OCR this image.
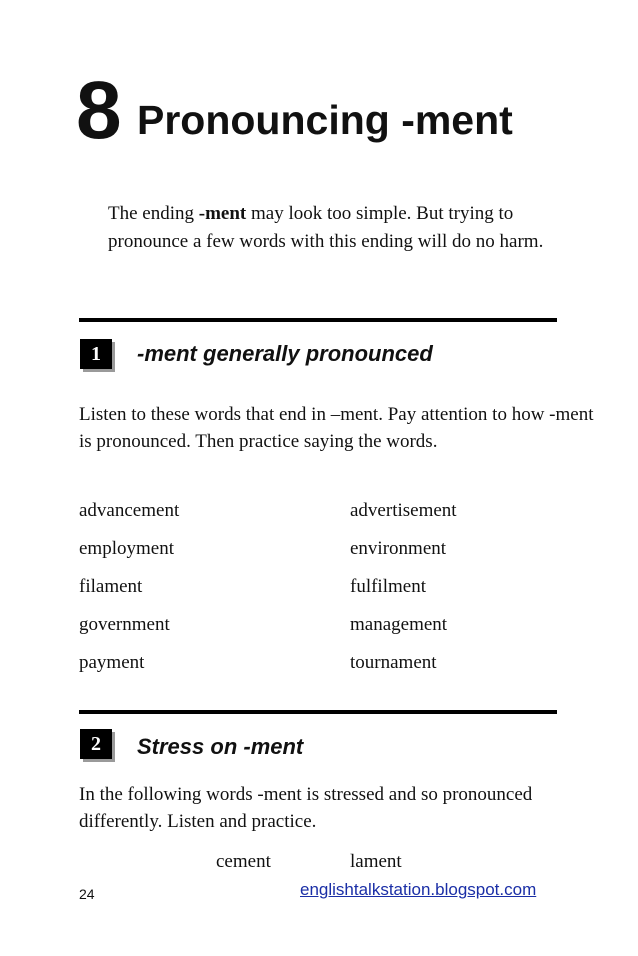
8 Pronouncing -ment
The ending -ment may look too simple. But trying to pronounce a few words with this ending will do no harm.
1	-ment generally pronounced
Listen to these words that end in –ment. Pay attention to how -ment is pronounced. Then practice saying the words.
advancement	advertisement
employment	environment
filament	fulfilment
government	management
payment	tournament
2	Stress on -ment
In the following words -ment is stressed and so pronounced differently. Listen and practice.
cement	lament
24	englishtalkstation.blogspot.com
